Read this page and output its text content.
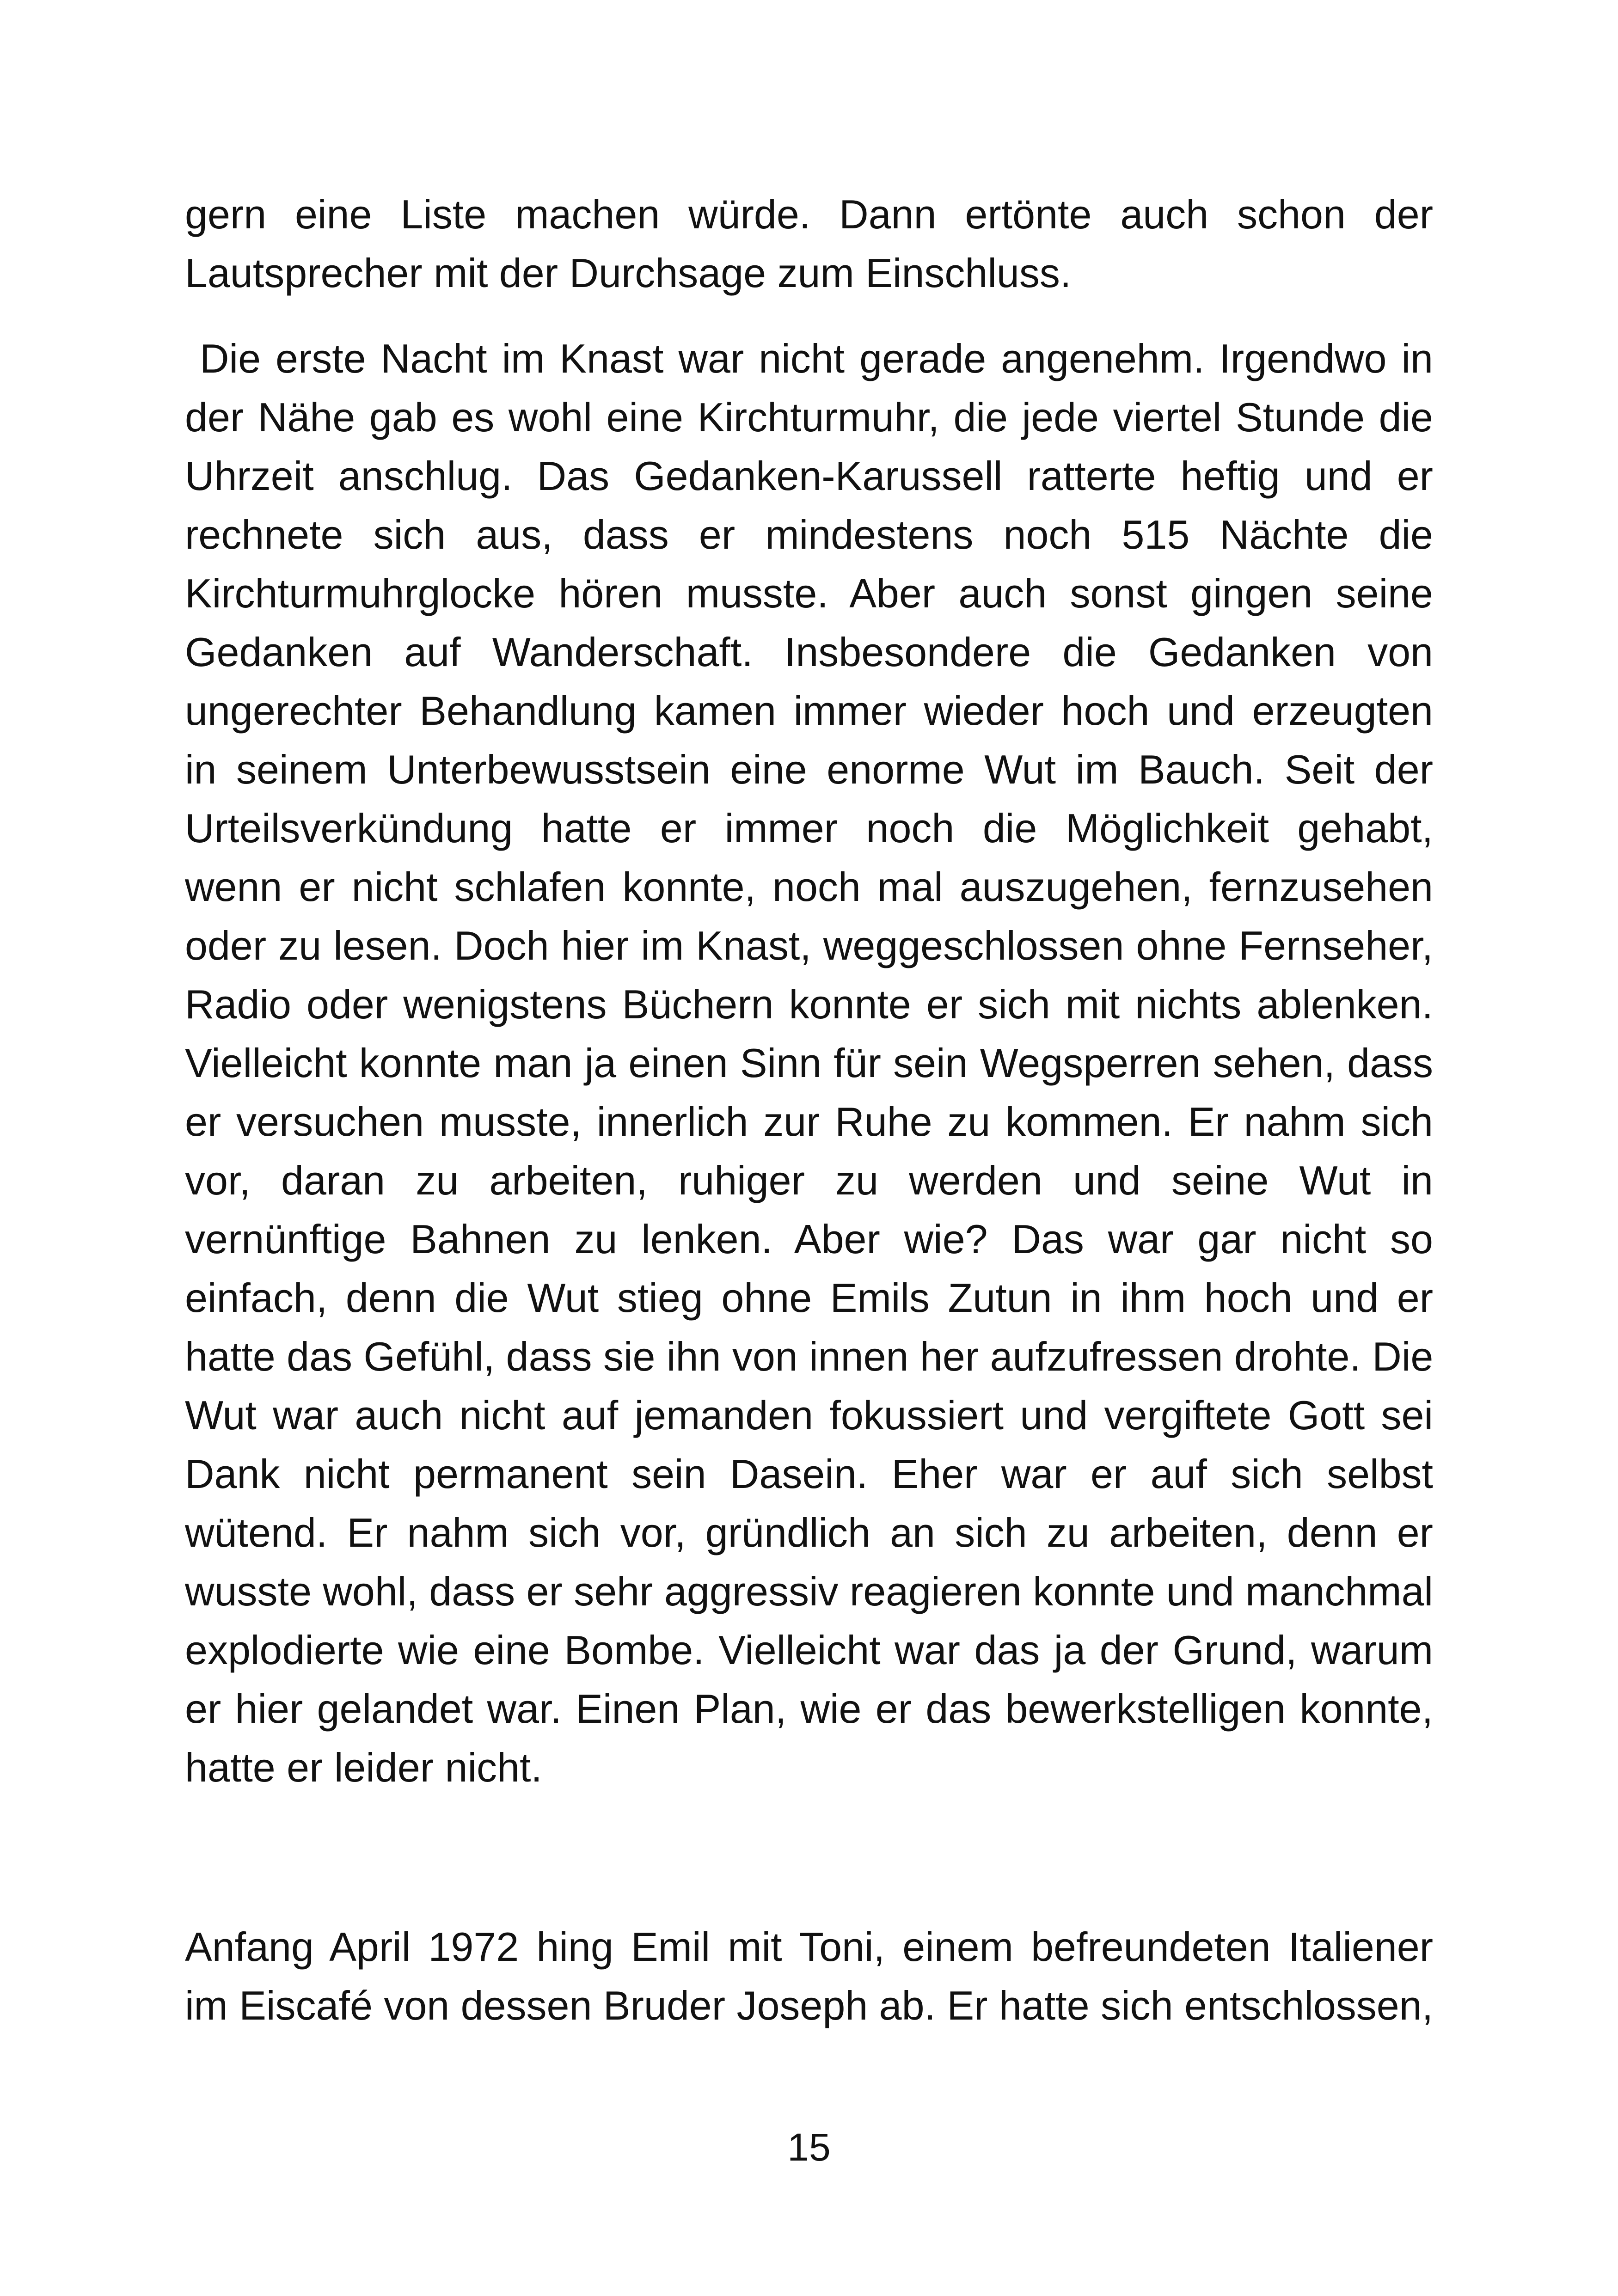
gern eine Liste machen würde. Dann ertönte auch schon der
Lautsprecher mit der Durchsage zum Einschluss.
Die erste Nacht im Knast war nicht gerade angenehm. Irgendwo in
der Nähe gab es wohl eine Kirchturmuhr, die jede viertel Stunde die
Uhrzeit anschlug. Das Gedanken-Karussell ratterte heftig und er
rechnete sich aus, dass er mindestens noch 515 Nächte die
Kirchturmuhrglocke hören musste. Aber auch sonst gingen seine
Gedanken auf Wanderschaft. Insbesondere die Gedanken von
ungerechter Behandlung kamen immer wieder hoch und erzeugten
in seinem Unterbewusstsein eine enorme Wut im Bauch. Seit der
Urteilsverkündung hatte er immer noch die Möglichkeit gehabt,
wenn er nicht schlafen konnte, noch mal auszugehen, fernzusehen
oder zu lesen. Doch hier im Knast, weggeschlossen ohne Fernseher,
Radio oder wenigstens Büchern konnte er sich mit nichts ablenken.
Vielleicht konnte man ja einen Sinn für sein Wegsperren sehen, dass
er versuchen musste, innerlich zur Ruhe zu kommen. Er nahm sich
vor, daran zu arbeiten, ruhiger zu werden und seine Wut in
vernünftige Bahnen zu lenken. Aber wie? Das war gar nicht so
einfach, denn die Wut stieg ohne Emils Zutun in ihm hoch und er
hatte das Gefühl, dass sie ihn von innen her aufzufressen drohte. Die
Wut war auch nicht auf jemanden fokussiert und vergiftete Gott sei
Dank nicht permanent sein Dasein. Eher war er auf sich selbst
wütend. Er nahm sich vor, gründlich an sich zu arbeiten, denn er
wusste wohl, dass er sehr aggressiv reagieren konnte und manchmal
explodierte wie eine Bombe. Vielleicht war das ja der Grund, warum
er hier gelandet war. Einen Plan, wie er das bewerkstelligen konnte,
hatte er leider nicht.
Anfang April 1972 hing Emil mit Toni, einem befreundeten Italiener
im Eiscafé von dessen Bruder Joseph ab. Er hatte sich entschlossen,
15
